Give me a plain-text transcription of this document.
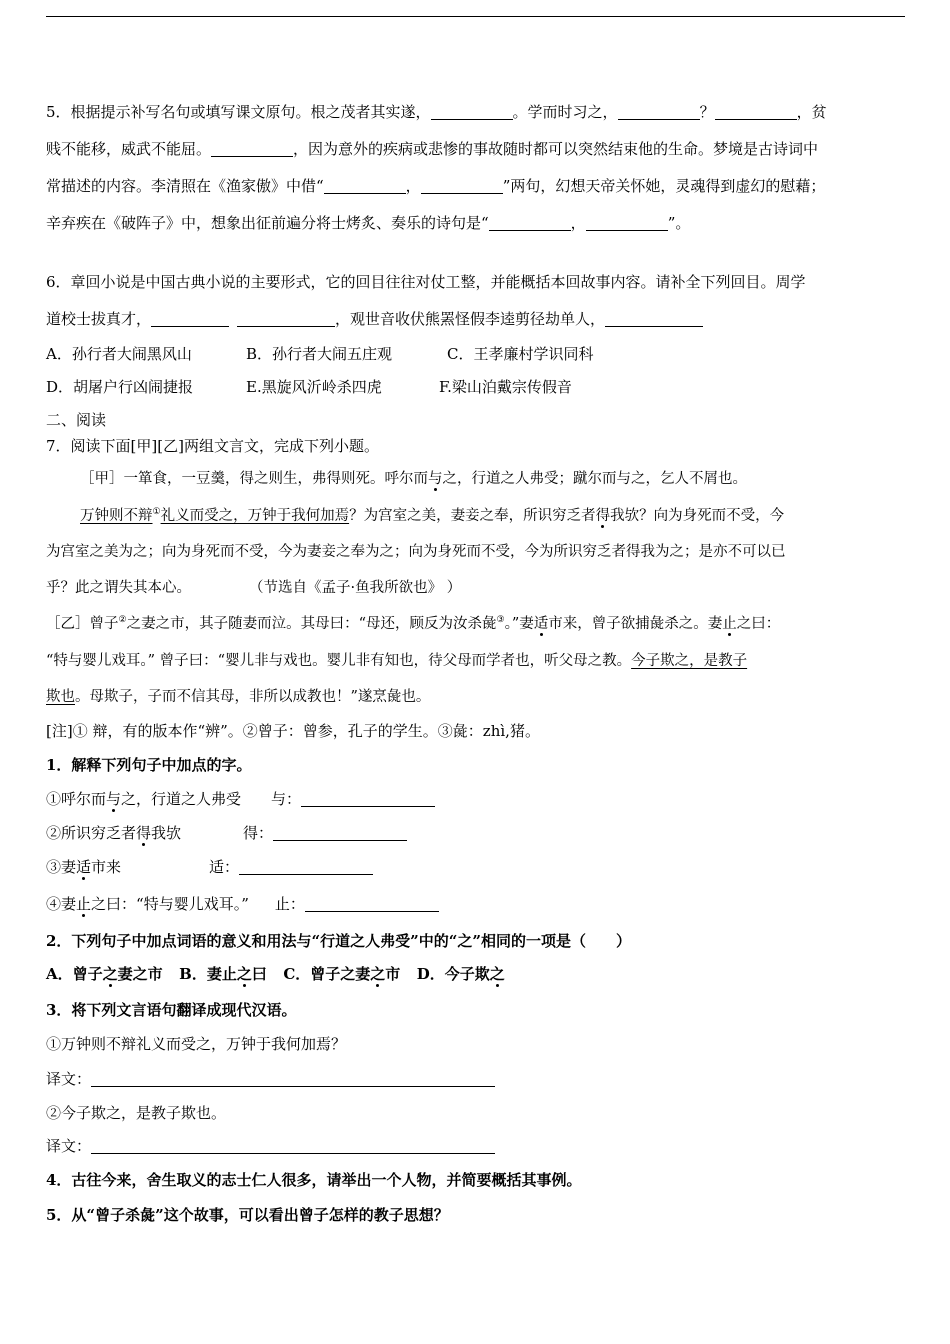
5．根据提示补写名句或填写课文原句。根之茂者其实遂，	。学而时习之，	？	，贫
贱不能移，威武不能屈。	，因为意外的疾病或悲惨的事故随时都可以突然结束他的生命。梦境是古诗词中
常描述的内容。李清照在《渔家傲》中借“	，	”两句，幻想天帝关怀她，灵魂得到虚幻的慰藉；
辛弃疾在《破阵子》中，想象出征前遍分将士烤炙、奏乐的诗句是“	，	”。
6．章回小说是中国古典小说的主要形式，它的回目往往对仗工整，并能概括本回故事内容。请补全下列回目。周学
道校士拔真才，	，观世音收伏熊罴怪假李逵剪径劫单人，
A．孙行者大闹黑风山	B．孙行者大闹五庄观	C．王孝廉村学识同科
D．胡屠户行凶闹捷报	E.黑旋风沂岭杀四虎	F.梁山泊戴宗传假音
二、阅读
7．阅读下面[甲][乙]两组文言文，完成下列小题。
［甲］一箪食，一豆羹，得之则生，弗得则死。呼尔而与之，行道之人弗受；蹴尔而与之，乞人不屑也。
万钟则不辩①礼义而受之，万钟于我何加焉？为宫室之美，妻妾之奉，所识穷乏者得我欤？向为身死而不受，今
为宫室之美为之；向为身死而不受，今为妻妾之奉为之；向为身死而不受，今为所识穷乏者得我为之；是亦不可以已
乎？此之谓失其本心。	（节选自《孟子·鱼我所欲也》 ）
［乙］曾子②之妻之市，其子随妻而泣。其母曰：“母还，顾反为汝杀彘③。”妻适市来，曾子欲捕彘杀之。妻止之曰：
“特与婴儿戏耳。” 曾子曰：“婴儿非与戏也。婴儿非有知也，待父母而学者也，听父母之教。今子欺之，是教子
欺也。母欺子，子而不信其母，非所以成教也！”遂烹彘也。
[注]① 辩，有的版本作“辨”。②曾子：曾参，孔子的学生。③彘：zhì,猪。
1．解释下列句子中加点的字。
①呼尔而与之，行道之人弗受 与：
②所识穷乏者得我欤	得：
③妻适市来	适：
④妻止之曰：“特与婴儿戏耳。” 止：
2．下列句子中加点词语的意义和用法与“行道之人弗受”中的“之”相同的一项是（　　）
A．曾子之妻之市 B．妻止之曰 C．曾子之妻之市 D．今子欺之
3．将下列文言语句翻译成现代汉语。
①万钟则不辩礼义而受之，万钟于我何加焉？
译文：
②今子欺之，是教子欺也。
译文：
4．古往今来，舍生取义的志士仁人很多，请举出一个人物，并简要概括其事例。
5．从“曾子杀彘”这个故事，可以看出曾子怎样的教子思想？
